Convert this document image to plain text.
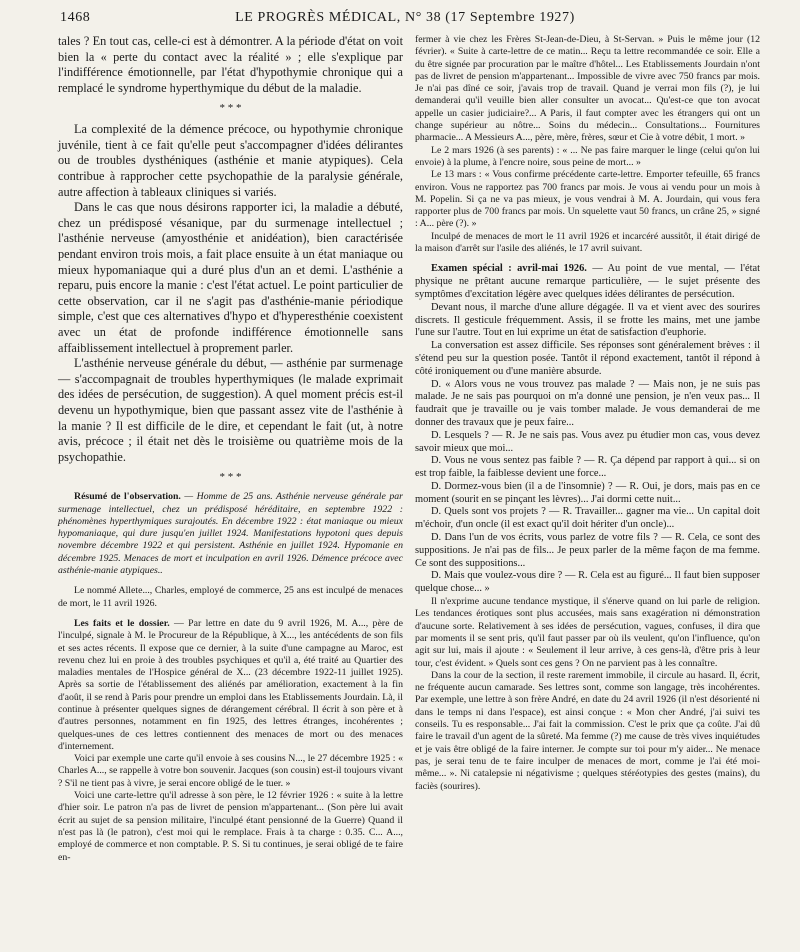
1468	LE PROGRÈS MÉDICAL, N° 38 (17 Septembre 1927)

tales ? En tout cas, celle-ci est à démontrer. A la période d'état on voit bien la « perte du contact avec la réalité » ; elle s'explique par l'indifférence émotionnelle, par l'état d'hypothymie chronique qui a remplacé le syndrome hyperthymique du début de la maladie.

* * *

La complexité de la démence précoce, ou hypothymie chronique juvénile, tient à ce fait qu'elle peut s'accompagner d'idées délirantes ou de troubles dysthéniques (asthénie et manie atypiques). Cela contribue à rapprocher cette psychopathie de la paralysie générale, autre affection à tableaux cliniques si variés.

Dans le cas que nous désirons rapporter ici, la maladie a débuté, chez un prédisposé vésanique, par du surmenage intellectuel ; l'asthénie nerveuse (amyosthénie et anidéation), bien caractérisée pendant environ trois mois, a fait place ensuite à un état maniaque ou mieux hypomaniaque qui a duré plus d'un an et demi. L'asthénie a reparu, puis encore la manie : c'est l'état actuel. Le point particulier de cette observation, car il ne s'agit pas d'asthénie-manie périodique simple, c'est que ces alternatives d'hypo et d'hyperesthénie coexistent avec un état de profonde indifférence émotionnelle sans affaiblissement intellectuel à proprement parler.

L'asthénie nerveuse générale du début, — asthénie par surmenage — s'accompagnait de troubles hyperthymiques (le malade exprimait des idées de persécution, de suggestion). A quel moment précis est-il devenu un hypothymique, bien que passant assez vite de l'asthénie à la manie ? Il est difficile de le dire, et cependant le fait (ut, à notre avis, précoce ; il était net dès le troisième ou quatrième mois de la psychopathie.

* * *

Résumé de l'observation. — Homme de 25 ans. Asthénie nerveuse générale par surmenage intellectuel, chez un prédisposé héréditaire, en septembre 1922 : phénomènes hyperthymiques surajoutés. En décembre 1922 : état maniaque ou mieux hypomaniaque, qui dure jusqu'en juillet 1924. Manifestations hypotoni ques depuis novembre décembre 1922 et qui persistent. Asthénie en juillet 1924. Hypomanie en décembre 1925. Menaces de mort et inculpation en avril 1926. Démence précoce avec asthénie-manie atypiques..

Le nommé Allete..., Charles, employé de commerce, 25 ans est inculpé de menaces de mort, le 11 avril 1926.

Les faits et le dossier. — Par lettre en date du 9 avril 1926, M. A..., père de l'inculpé, signale à M. le Procureur de la République, à X..., les antécédents de son fils et ses actes récents. Il expose que ce dernier, à la suite d'une campagne au Maroc, est revenu chez lui en proie à des troubles psychiques et qu'il a, été traité au Quartier des maladies mentales de l'Hospice général de X... (23 décembre 1922-11 juillet 1925). Après sa sortie de l'établissement des aliénés par amélioration, exactement à la fin d'août, il se rend à Paris pour prendre un emploi dans les Etablissements Jourdain. Là, il continue à présenter quelques signes de dérangement cérébral. Il écrit à son père et à d'autres personnes, notamment en fin 1925, des lettres étranges, incohérentes ; quelques-unes de ces lettres contiennent des menaces de mort ou des menaces d'internement.

Voici par exemple une carte qu'il envoie à ses cousins N..., le 27 décembre 1925 : « Charles A..., se rappelle à votre bon souvenir. Jacques (son cousin) est-il toujours vivant ? S'il ne tient pas à vivre, je serai encore obligé de le tuer. »

Voici une carte-lettre qu'il adresse à son père, le 12 février 1926 : « suite à la lettre d'hier soir. Le patron n'a pas de livret de pension m'appartenant... (Son père lui avait écrit au sujet de sa pension militaire, l'inculpé étant pensionné de la Guerre) Quand il n'est pas là (le patron), c'est moi qui le remplace. Frais à ta charge : 0.35. C... A..., employé de commerce et non comptable. P. S. Si tu continues, je serai obligé de te faire en-

fermer à vie chez les Frères St-Jean-de-Dieu, à St-Servan. » Puis le même jour (12 février). « Suite à carte-lettre de ce matin... Reçu ta lettre recommandée ce soir. Elle a du être signée par procuration par le maître d'hôtel... Les Etablissements Jourdain n'ont pas de livret de pension m'appartenant... Impossible de vivre avec 750 francs par mois. Je n'ai pas dîné ce soir, j'avais trop de travail. Quand je verrai mon fils (?), je lui demanderai qu'il veuille bien aller consulter un avocat... Qu'est-ce que ton avocat appelle un casier judiciaire?... A Paris, il faut compter avec les étrangers qui ont un change supérieur au nôtre... Soins du médecin... Consultations... Fournitures pharmacie... A Messieurs A..., père, mère, frères, sœur et Cie à votre débit, 1 mort. »

Le 2 mars 1926 (à ses parents) : « ... Ne pas faire marquer le linge (celui qu'on lui envoie) à la plume, à l'encre noire, sous peine de mort... »

Le 13 mars : « Vous confirme précédente carte-lettre. Emporter tefeuille, 65 francs environ. Vous ne rapportez pas 700 francs par mois. Je vous ai vendu pour un mois à M. Popelin. Si ça ne va pas mieux, je vous vendrai à M. A. Jourdain, qui vous fera rapporter plus de 700 francs par mois. Un squelette vaut 50 francs, un crâne 25, » signé : A... père (?). »

Inculpé de menaces de mort le 11 avril 1926 et incarcéré aussitôt, il était dirigé de la maison d'arrêt sur l'asile des aliénés, le 17 avril suivant.

Examen spécial : avril-mai 1926. — Au point de vue mental, — l'état physique ne prêtant aucune remarque particulière, — le sujet présente des symptômes d'excitation légère avec quelques idées délirantes de persécution.

Devant nous, il marche d'une allure dégagée. Il va et vient avec des sourires discrets. Il gesticule fréquemment. Assis, il se frotte les mains, met une jambe l'une sur l'autre. Tout en lui exprime un état de satisfaction d'euphorie.

La conversation est assez difficile. Ses réponses sont généralement brèves : il s'étend peu sur la question posée. Tantôt il répond exactement, tantôt il répond à côté ironiquement ou d'une manière absurde.

D. « Alors vous ne vous trouvez pas malade ? — Mais non, je ne suis pas malade. Je ne sais pas pourquoi on m'a donné une pension, je n'en veux pas... Il faudrait que je travaille ou je vais tomber malade. Je vous demanderai de me donner des travaux que je peux faire...

D. Lesquels ? — R. Je ne sais pas. Vous avez pu étudier mon cas, vous devez savoir mieux que moi...

D. Vous ne vous sentez pas faible ? — R. Ça dépend par rapport à qui... si on est trop faible, la faiblesse devient une force...

D. Dormez-vous bien (il a de l'insomnie) ? — R. Oui, je dors, mais pas en ce moment (sourit en se pinçant les lèvres)... J'ai dormi cette nuit...

D. Quels sont vos projets ? — R. Travailler... gagner ma vie... Un capital doit m'échoir, d'un oncle (il est exact qu'il doit hériter d'un oncle)...

D. Dans l'un de vos écrits, vous parlez de votre fils ? — R. Cela, ce sont des suppositions. Je n'ai pas de fils... Je peux parler de la même façon de ma femme. Ce sont des suppositions...

D. Mais que voulez-vous dire ? — R. Cela est au figuré... Il faut bien supposer quelque chose... »

Il n'exprime aucune tendance mystique, il s'énerve quand on lui parle de religion. Les tendances érotiques sont plus accusées, mais sans exagération ni démonstration d'aucune sorte. Relativement à ses idées de persécution, vagues, confuses, il dira que par moments il se sent pris, qu'il faut passer par où ils veulent, qu'on l'influence, qu'on agit sur lui, mais il ajoute : « Seulement il leur arrive, à ces gens-là, d'être pris à leur tour, c'est évident. » Quels sont ces gens ? On ne parvient pas à les connaître.

Dans la cour de la section, il reste rarement immobile, il circule au hasard. Il, écrit, ne fréquente aucun camarade. Ses lettres sont, comme son langage, très incohérentes. Par exemple, une lettre à son frère André, en date du 24 avril 1926 (il n'est désorienté ni dans le temps ni dans l'espace), est ainsi conçue : « Mon cher André, j'ai suivi tes conseils. Tu es responsable... J'ai fait la commission. C'est le prix que ça coûte. J'ai dû faire le travail d'un agent de la sûreté. Ma femme (?) me cause de très vives inquiétudes et je vais être obligé de la faire interner. Je compte sur toi pour m'y aider... Ne menace pas, je serai tenu de te faire inculper de menaces de mort, comme je l'ai été moi-même... ». Ni catalepsie ni négativisme ; quelques stéréotypies des gestes (mains), du faciès (sourires).
